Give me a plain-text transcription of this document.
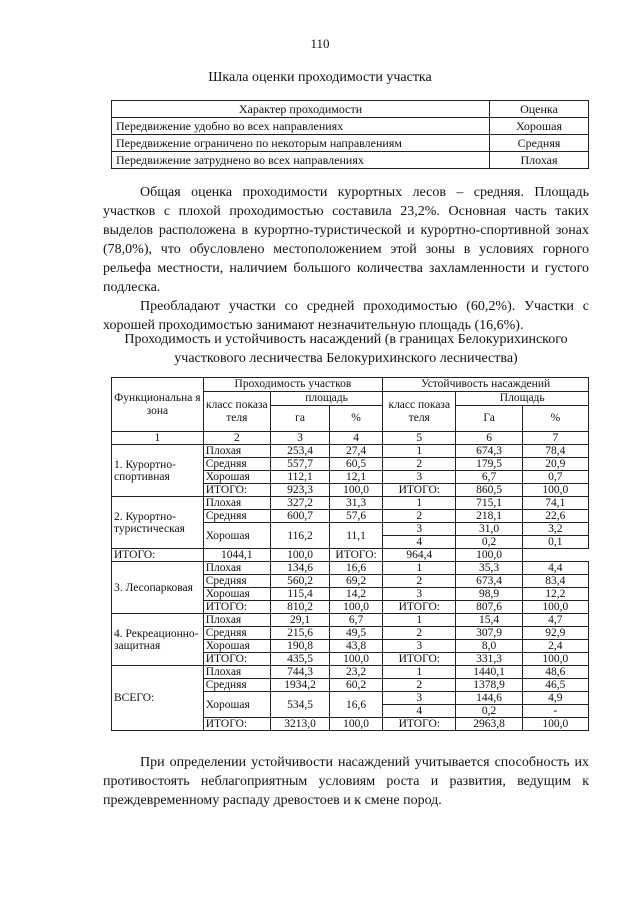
110
Шкала оценки проходимости участка
Характер проходимости	Оценка
Передвижение удобно во всех направлениях	Хорошая
Передвижение ограничено по некоторым направлениям	Средняя
Передвижение затруднено во всех направлениях	Плохая

Общая оценка проходимости курортных лесов – средняя. Площадь участков с плохой проходимостью составила 23,2%. Основная часть таких выделов расположена в курортно-туристической и курортно-спортивной зонах (78,0%), что обусловлено местоположением этой зоны в условиях горного рельефа местности, наличием большого количества захламленности и густого подлеска.

Преобладают участки со средней проходимостью (60,2%). Участки с хорошей проходимостью занимают незначительную площадь (16,6%).

Проходимость и устойчивость насаждений (в границах Белокурихинского участкового лесничества Белокурихинского лесничества)
Функциональна я зона	Проходимость участков			Устойчивость насаждений		
	класс показа теля	площадь		класс показа теля	Площадь	
		га	%		Га	%
1	2	3	4	5	6	7
1. Курортно-спортивная	Плохая	253,4	27,4	1	674,3	78,4
	Средняя	557,7	60,5	2	179,5	20,9
	Хорошая	112,1	12,1	3	6,7	0,7
	ИТОГО:	923,3	100,0	ИТОГО:	860,5	100,0
2. Курортно-туристическая	Плохая	327,2	31,3	1	715,1	74,1
	Средняя	600,7	57,6	2	218,1	22,6
	Хорошая	116,2	11,1	3	31,0	3,2
				4	0,2	0,1
ИТОГО:	1044,1	100,0	ИТОГО:	964,4	100,0	
3. Лесопарковая	Плохая	134,6	16,6	1	35,3	4,4
	Средняя	560,2	69,2	2	673,4	83,4
	Хорошая	115,4	14,2	3	98,9	12,2
	ИТОГО:	810,2	100,0	ИТОГО:	807,6	100,0
4. Рекреационно-защитная	Плохая	29,1	6,7	1	15,4	4,7
	Средняя	215,6	49,5	2	307,9	92,9
	Хорошая	190,8	43,8	3	8,0	2,4
	ИТОГО:	435,5	100,0	ИТОГО:	331,3	100,0
ВСЕГО:	Плохая	744,3	23,2	1	1440,1	48,6
	Средняя	1934,2	60,2	2	1378,9	46,5
	Хорошая	534,5	16,6	3	144,6	4,9
				4	0,2	-
	ИТОГО:	3213,0	100,0	ИТОГО:	2963,8	100,0

При определении устойчивости насаждений учитывается способность их противостоять неблагоприятным условиям роста и развития, ведущим к преждевременному распаду древостоев и к смене пород.
